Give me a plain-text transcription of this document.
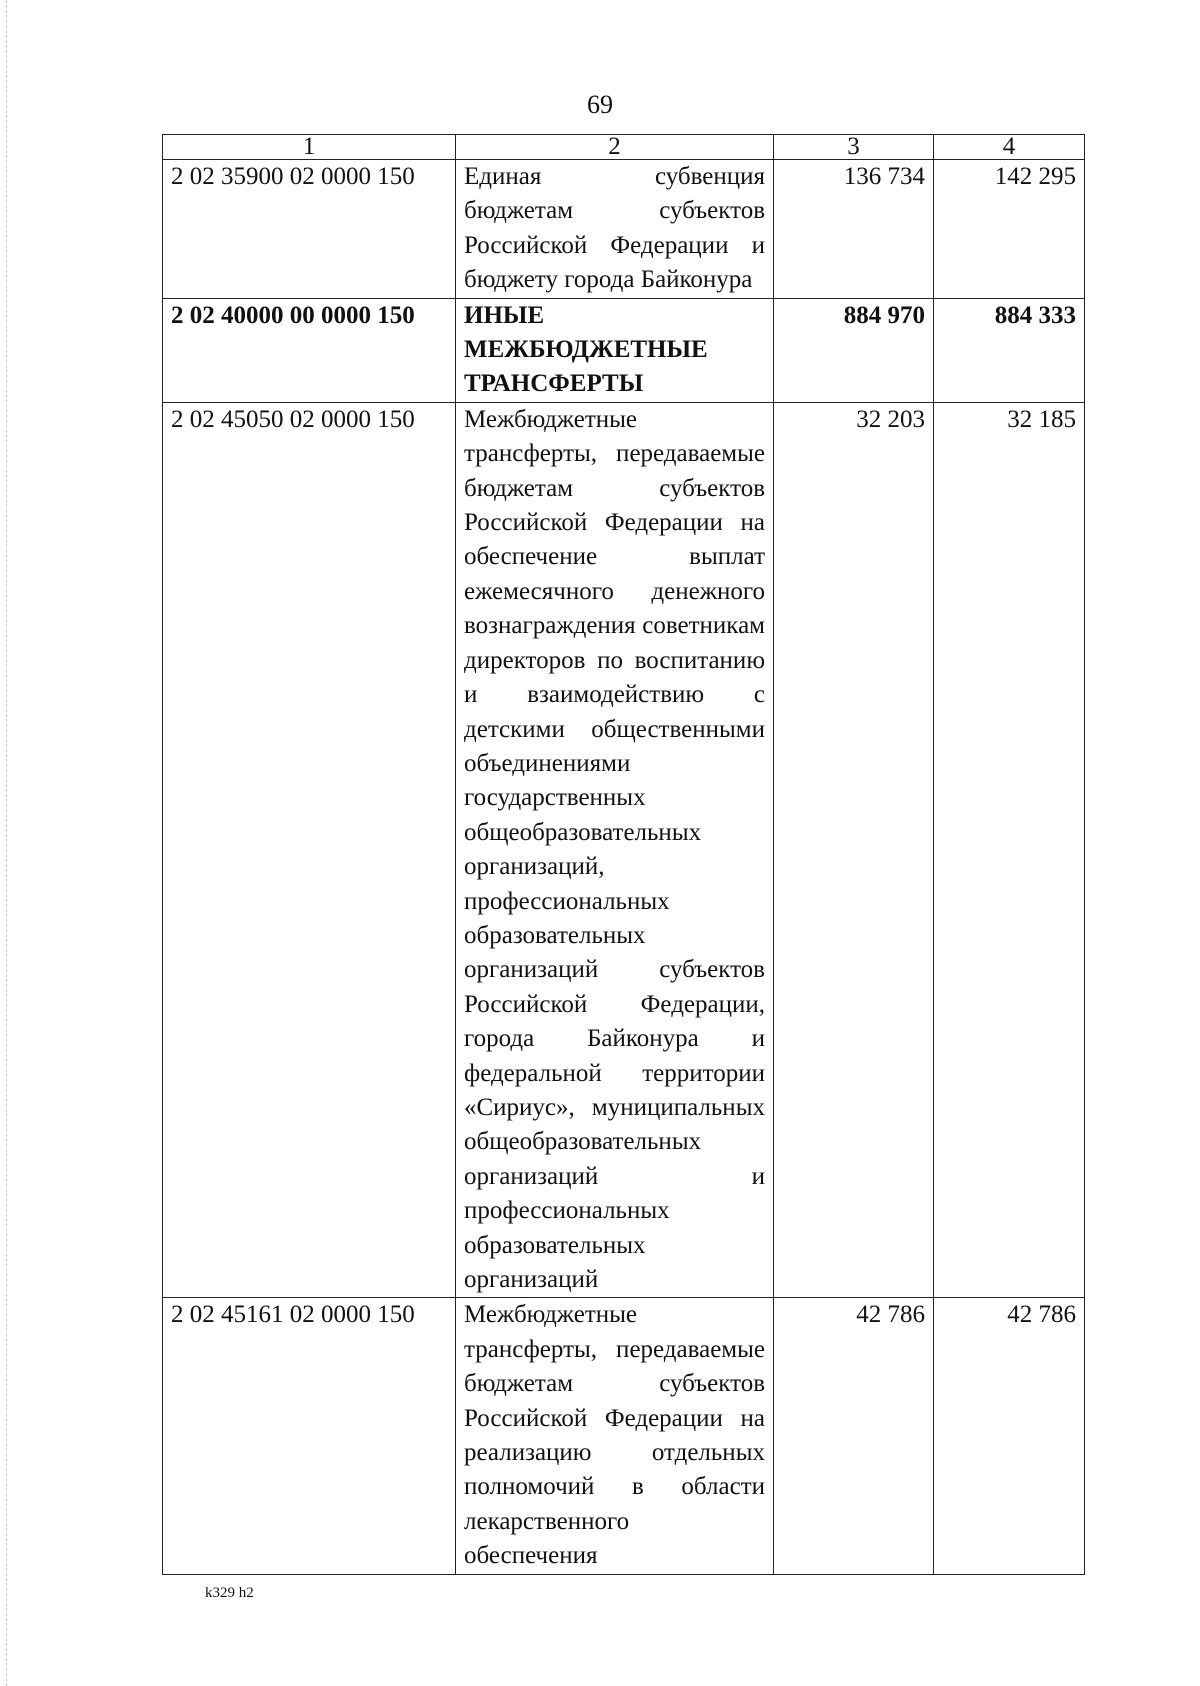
69
1	2	3	4
2 02 35900 02 0000 150	Единая субвенция бюджетам субъектов Российской Федерации и бюджету города Байконура	136 734	142 295
2 02 40000 00 0000 150	ИНЫЕ МЕЖБЮДЖЕТНЫЕ ТРАНСФЕРТЫ	884 970	884 333
2 02 45050 02 0000 150	Межбюджетные трансферты, передаваемые бюджетам субъектов Российской Федерации на обеспечение выплат ежемесячного денежного вознаграждения советникам директоров по воспитанию и взаимодействию с детскими общественными объединениями государственных общеобразовательных организаций, профессиональных образовательных организаций субъектов Российской Федерации, города Байконура и федеральной территории «Сириус», муниципальных общеобразовательных организаций и профессиональных образовательных организаций	32 203	32 185
2 02 45161 02 0000 150	Межбюджетные трансферты, передаваемые бюджетам субъектов Российской Федерации на реализацию отдельных полномочий в области лекарственного обеспечения	42 786	42 786
k329 h2
